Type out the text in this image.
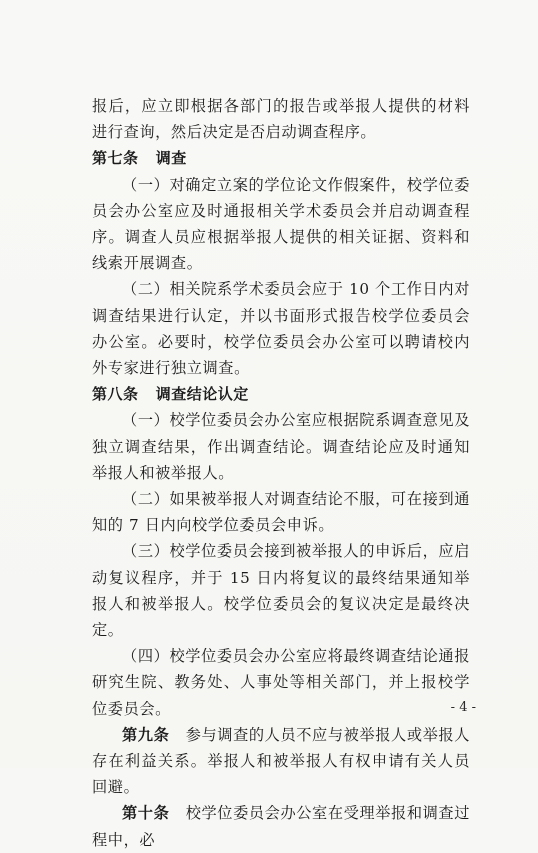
报后，应立即根据各部门的报告或举报人提供的材料进行查询，然后决定是否启动调查程序。

第七条 调查

（一）对确定立案的学位论文作假案件，校学位委员会办公室应及时通报相关学术委员会并启动调查程序。调查人员应根据举报人提供的相关证据、资料和线索开展调查。

（二）相关院系学术委员会应于 10 个工作日内对调查结果进行认定，并以书面形式报告校学位委员会办公室。必要时，校学位委员会办公室可以聘请校内外专家进行独立调查。

第八条 调查结论认定

（一）校学位委员会办公室应根据院系调查意见及独立调查结果，作出调查结论。调查结论应及时通知举报人和被举报人。

（二）如果被举报人对调查结论不服，可在接到通知的 7 日内向校学位委员会申诉。

（三）校学位委员会接到被举报人的申诉后，应启动复议程序，并于 15 日内将复议的最终结果通知举报人和被举报人。校学位委员会的复议决定是最终决定。

（四）校学位委员会办公室应将最终调查结论通报研究生院、教务处、人事处等相关部门，并上报校学位委员会。

第九条 参与调查的人员不应与被举报人或举报人存在利益关系。举报人和被举报人有权申请有关人员回避。

第十条 校学位委员会办公室在受理举报和调查过程中，必

- 4 -
